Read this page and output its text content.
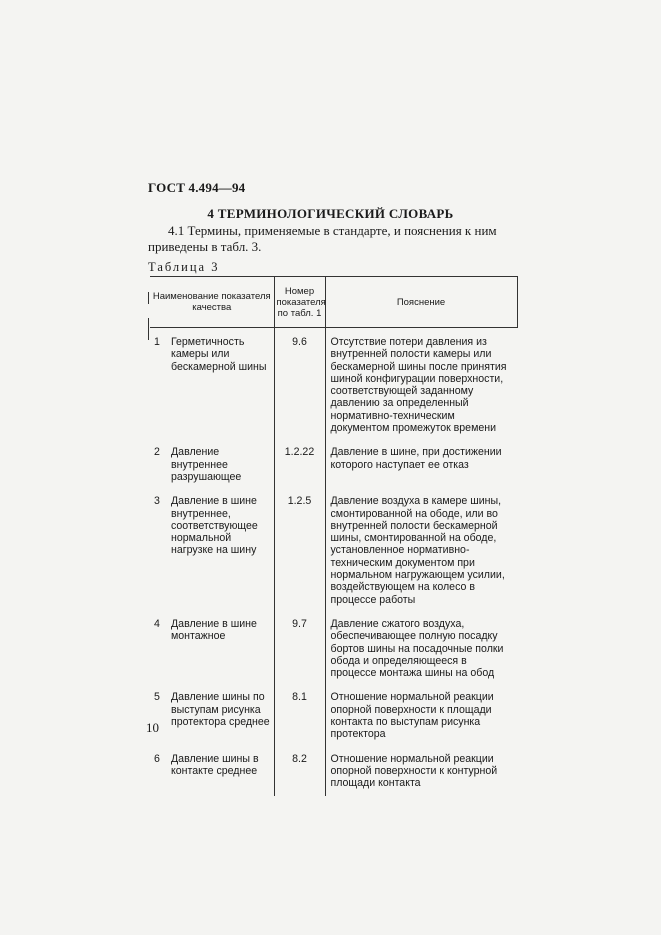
ГОСТ 4.494—94
4 ТЕРМИНОЛОГИЧЕСКИЙ СЛОВАРЬ
4.1 Термины, применяемые в стандарте, и пояснения к ним
приведены в табл. 3.
Таблица 3
Наименование показателя качества		Номер показателя по табл. 1	Пояснение
1	Герметичность камеры или бескамерной шины	9.6	Отсутствие потери давления из внутренней полости камеры или бескамерной шины после принятия шиной конфигурации поверхности, соответствующей заданному давлению за определенный нормативно-техническим документом промежуток времени
2	Давление внутреннее разрушающее	1.2.22	Давление в шине, при достижении которого наступает ее отказ
3	Давление в шине внутреннее, соответствующее нормальной нагрузке на шину	1.2.5	Давление воздуха в камере шины, смонтированной на ободе, или во внутренней полости бескамерной шины, смонтированной на ободе, установленное нормативно-техническим документом при нормальном нагружающем усилии, воздействующем на колесо в процессе работы
4	Давление в шине монтажное	9.7	Давление сжатого воздуха, обеспечивающее полную посадку бортов шины на посадочные полки обода и определяющееся в процессе монтажа шины на обод
5	Давление шины по выступам рисунка протектора среднее	8.1	Отношение нормальной реакции опорной поверхности к площади контакта по выступам рисунка протектора
6	Давление шины в контакте среднее	8.2	Отношение нормальной реакции опорной поверхности к контурной площади контакта
10
